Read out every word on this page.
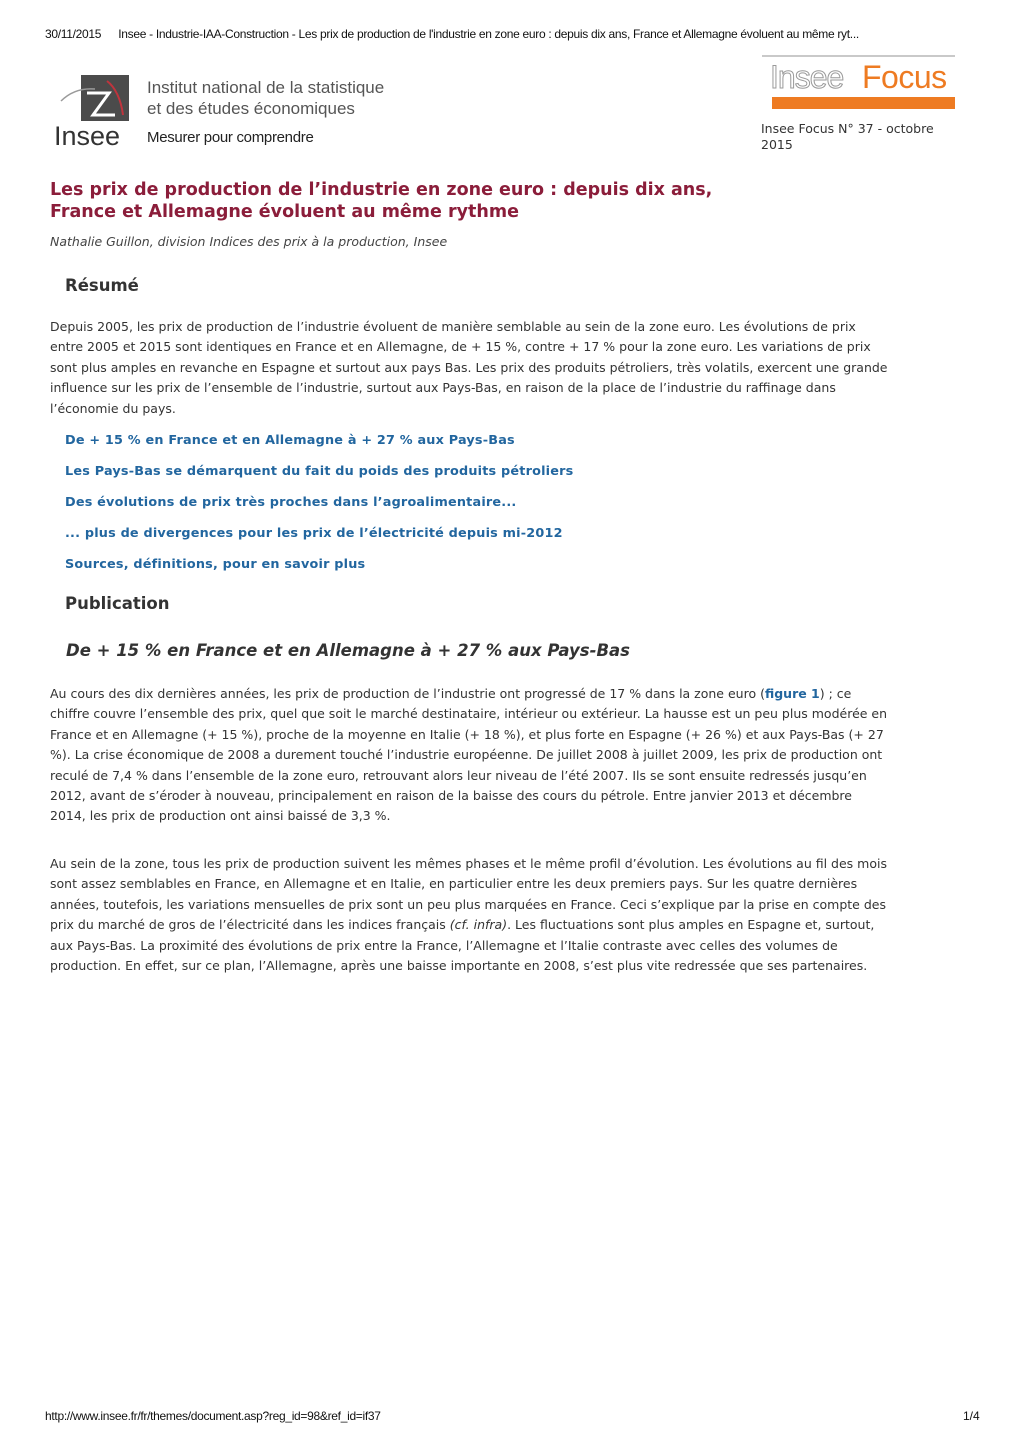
30/11/2015 Insee - Industrie-IAA-Construction - Les prix de production de l'industrie en zone euro : depuis dix ans, France et Allemagne évoluent au même ryt...
Insee
Institut national de la statistique
et des études économiques
Mesurer pour comprendre
Insee Focus
Insee Focus N° 37 - octobre 2015
Les prix de production de l’industrie en zone euro : depuis dix ans, France et Allemagne évoluent au même rythme
Nathalie Guillon, division Indices des prix à la production, Insee
Résumé

Depuis 2005, les prix de production de l’industrie évoluent de manière semblable au sein de la zone euro. Les évolutions de prix entre 2005 et 2015 sont identiques en France et en Allemagne, de + 15 %, contre + 17 % pour la zone euro. Les variations de prix sont plus amples en revanche en Espagne et surtout aux pays Bas. Les prix des produits pétroliers, très volatils, exercent une grande influence sur les prix de l’ensemble de l’industrie, surtout aux Pays-Bas, en raison de la place de l’industrie du raffinage dans l’économie du pays.

De + 15 % en France et en Allemagne à + 27 % aux Pays-Bas
Les Pays-Bas se démarquent du fait du poids des produits pétroliers
Des évolutions de prix très proches dans l’agroalimentaire...
... plus de divergences pour les prix de l’électricité depuis mi-2012
Sources, définitions, pour en savoir plus
Publication
De + 15 % en France et en Allemagne à + 27 % aux Pays-Bas

Au cours des dix dernières années, les prix de production de l’industrie ont progressé de 17 % dans la zone euro (figure 1) ; ce chiffre couvre l’ensemble des prix, quel que soit le marché destinataire, intérieur ou extérieur. La hausse est un peu plus modérée en France et en Allemagne (+ 15 %), proche de la moyenne en Italie (+ 18 %), et plus forte en Espagne (+ 26 %) et aux Pays-Bas (+ 27 %). La crise économique de 2008 a durement touché l’industrie européenne. De juillet 2008 à juillet 2009, les prix de production ont reculé de 7,4 % dans l’ensemble de la zone euro, retrouvant alors leur niveau de l’été 2007. Ils se sont ensuite redressés jusqu’en 2012, avant de s’éroder à nouveau, principalement en raison de la baisse des cours du pétrole. Entre janvier 2013 et décembre 2014, les prix de production ont ainsi baissé de 3,3 %.

Au sein de la zone, tous les prix de production suivent les mêmes phases et le même profil d’évolution. Les évolutions au fil des mois sont assez semblables en France, en Allemagne et en Italie, en particulier entre les deux premiers pays. Sur les quatre dernières années, toutefois, les variations mensuelles de prix sont un peu plus marquées en France. Ceci s’explique par la prise en compte des prix du marché de gros de l’électricité dans les indices français (cf. infra). Les fluctuations sont plus amples en Espagne et, surtout, aux Pays-Bas. La proximité des évolutions de prix entre la France, l’Allemagne et l’Italie contraste avec celles des volumes de production. En effet, sur ce plan, l’Allemagne, après une baisse importante en 2008, s’est plus vite redressée que ses partenaires.

http://www.insee.fr/fr/themes/document.asp?reg_id=98&ref_id=if37	1/4
